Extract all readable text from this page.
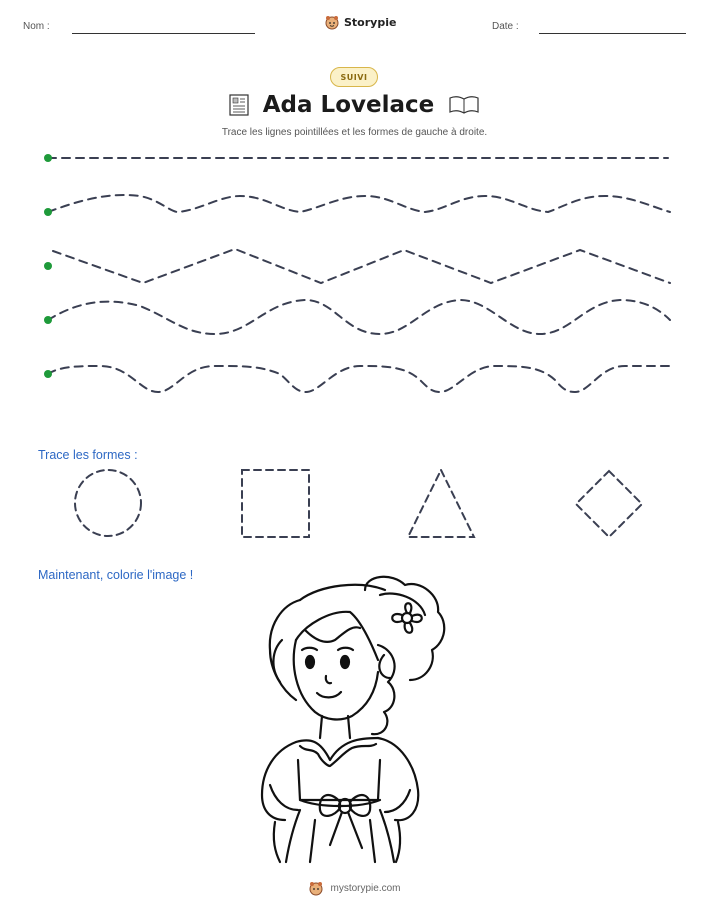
Nom :	Storypie	Date :
SUIVI
Ada Lovelace
Trace les lignes pointillées et les formes de gauche à droite.
Trace les formes :
Maintenant, colorie l'image !
mystorypie.com
